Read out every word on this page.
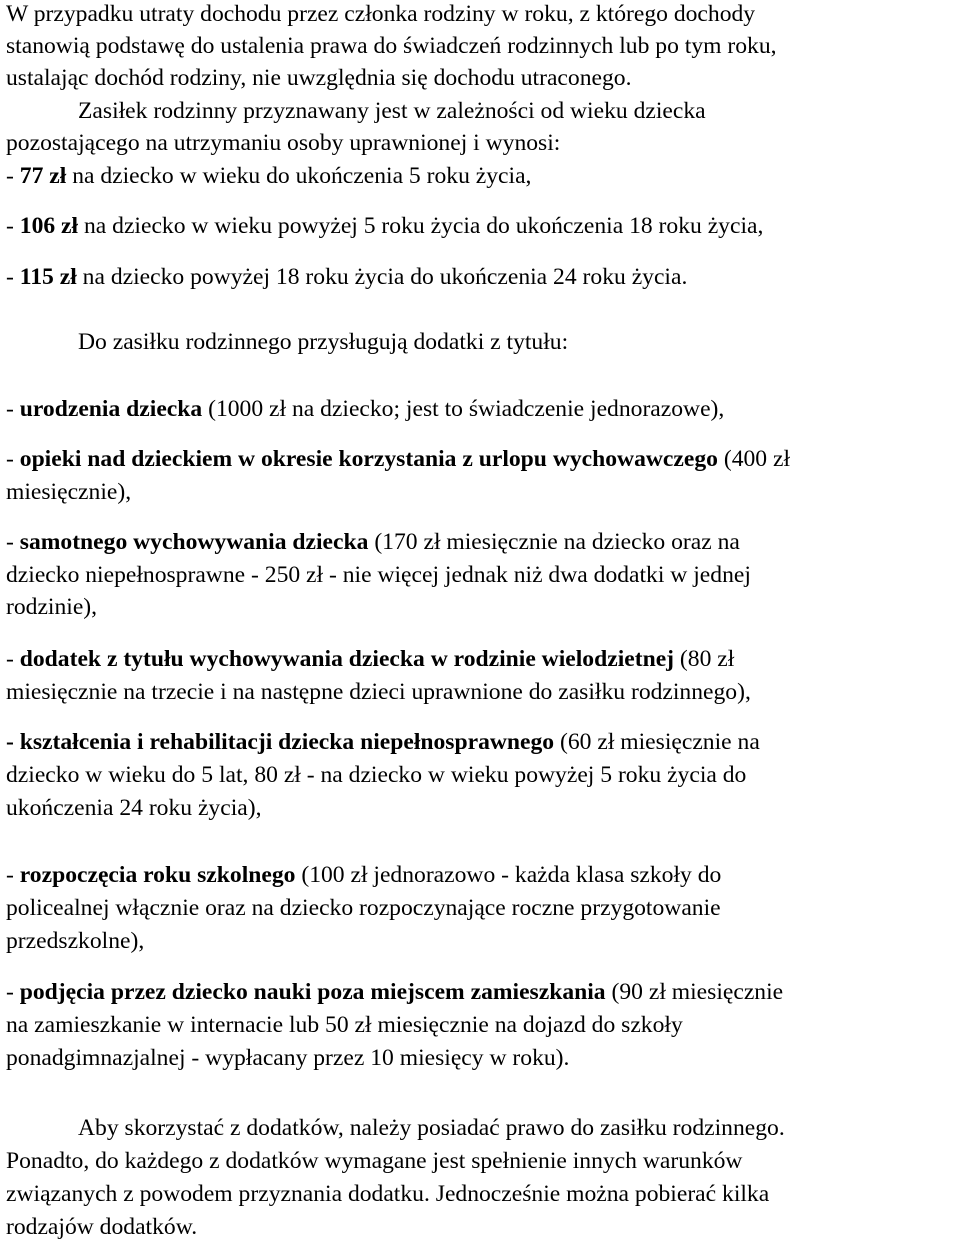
W przypadku utraty dochodu przez członka rodziny w roku, z którego dochody
stanowią podstawę do ustalenia prawa do świadczeń rodzinnych lub po tym roku,
ustalając dochód rodziny, nie uwzględnia się dochodu utraconego.
Zasiłek rodzinny przyznawany jest w zależności od wieku dziecka
pozostającego na utrzymaniu osoby uprawnionej i wynosi:
- 77 zł na dziecko w wieku do ukończenia 5 roku życia,
- 106 zł na dziecko w wieku powyżej 5 roku życia do ukończenia 18 roku życia,
- 115 zł na dziecko powyżej 18 roku życia do ukończenia 24 roku życia.
Do zasiłku rodzinnego przysługują dodatki z tytułu:
- urodzenia dziecka (1000 zł na dziecko; jest to świadczenie jednorazowe),
- opieki nad dzieckiem w okresie korzystania z urlopu wychowawczego (400 zł
miesięcznie),
- samotnego wychowywania dziecka (170 zł miesięcznie na dziecko oraz na
dziecko niepełnosprawne - 250 zł - nie więcej jednak niż dwa dodatki w jednej
rodzinie),
- dodatek z tytułu wychowywania dziecka w rodzinie wielodzietnej (80 zł
miesięcznie na trzecie i na następne dzieci uprawnione do zasiłku rodzinnego),
- kształcenia i rehabilitacji dziecka niepełnosprawnego (60 zł miesięcznie na
dziecko w wieku do 5 lat, 80 zł - na dziecko w wieku powyżej 5 roku życia do
ukończenia 24 roku życia),
- rozpoczęcia roku szkolnego (100 zł jednorazowo - każda klasa szkoły do
policealnej włącznie oraz na dziecko rozpoczynające roczne przygotowanie
przedszkolne),
- podjęcia przez dziecko nauki poza miejscem zamieszkania (90 zł miesięcznie
na zamieszkanie w internacie lub 50 zł miesięcznie na dojazd do szkoły
ponadgimnazjalnej - wypłacany przez 10 miesięcy w roku).
Aby skorzystać z dodatków, należy posiadać prawo do zasiłku rodzinnego.
Ponadto, do każdego z dodatków wymagane jest spełnienie innych warunków
związanych z powodem przyznania dodatku. Jednocześnie można pobierać kilka
rodzajów dodatków.
